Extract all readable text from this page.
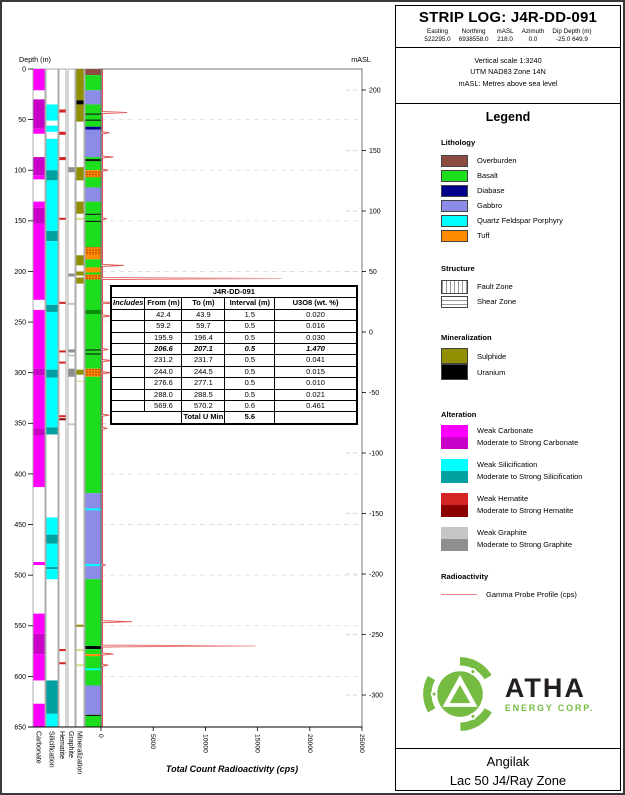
Depth (m)
0
50
100
150
200
250
300
350
400
450
500
550
600
650
mASL
200
150
100
50
0
-50
-100
-150
-200
-250
-300
0	5000	10000	15000	20000	25000
Total Count Radioactivity (cps)
Carbonate Silicification Hematite Graphite Mineralization
J4R-DD-091				
Includes	From (m)	To (m)	Interval (m)	U3O8 (wt. %)
	42.4	43.9	1.5	0.020
	59.2	59.7	0.5	0.016
	195.9	196.4	0.5	0.030
	206.6	207.1	0.5	1.470
	231.2	231.7	0.5	0.041
	244.0	244.5	0.5	0.015
	276.6	277.1	0.5	0.010
	288.0	288.5	0.5	0.021
	569.6	570.2	0.6	0.461
		Total U Min	5.6	
STRIP LOG: J4R-DD-091
Easting
522295.0
Northing
6938558.0
mASL
218.0
Azimuth
0.0
Dip Depth (m)
-25.0 649.9
Vertical scale 1:3240
UTM NAD83 Zone 14N
mASL: Metres above sea level
Legend
Lithology
Overburden
Basalt
Diabase
Gabbro
Quartz Feldspar Porphyry
Tuff
Structure
Fault Zone
Shear Zone
Mineralization
Sulphide
Uranium
Alteration
Weak Carbonate
Moderate to Strong Carbonate
Weak Silicification
Moderate to Strong Silicification
Weak Hematite
Moderate to Strong Hematite
Weak Graphite
Moderate to Strong Graphite
Radioactivity
Gamma Probe Profile (cps)
ATHA
ENERGY CORP.
Angilak
Lac 50 J4/Ray Zone
